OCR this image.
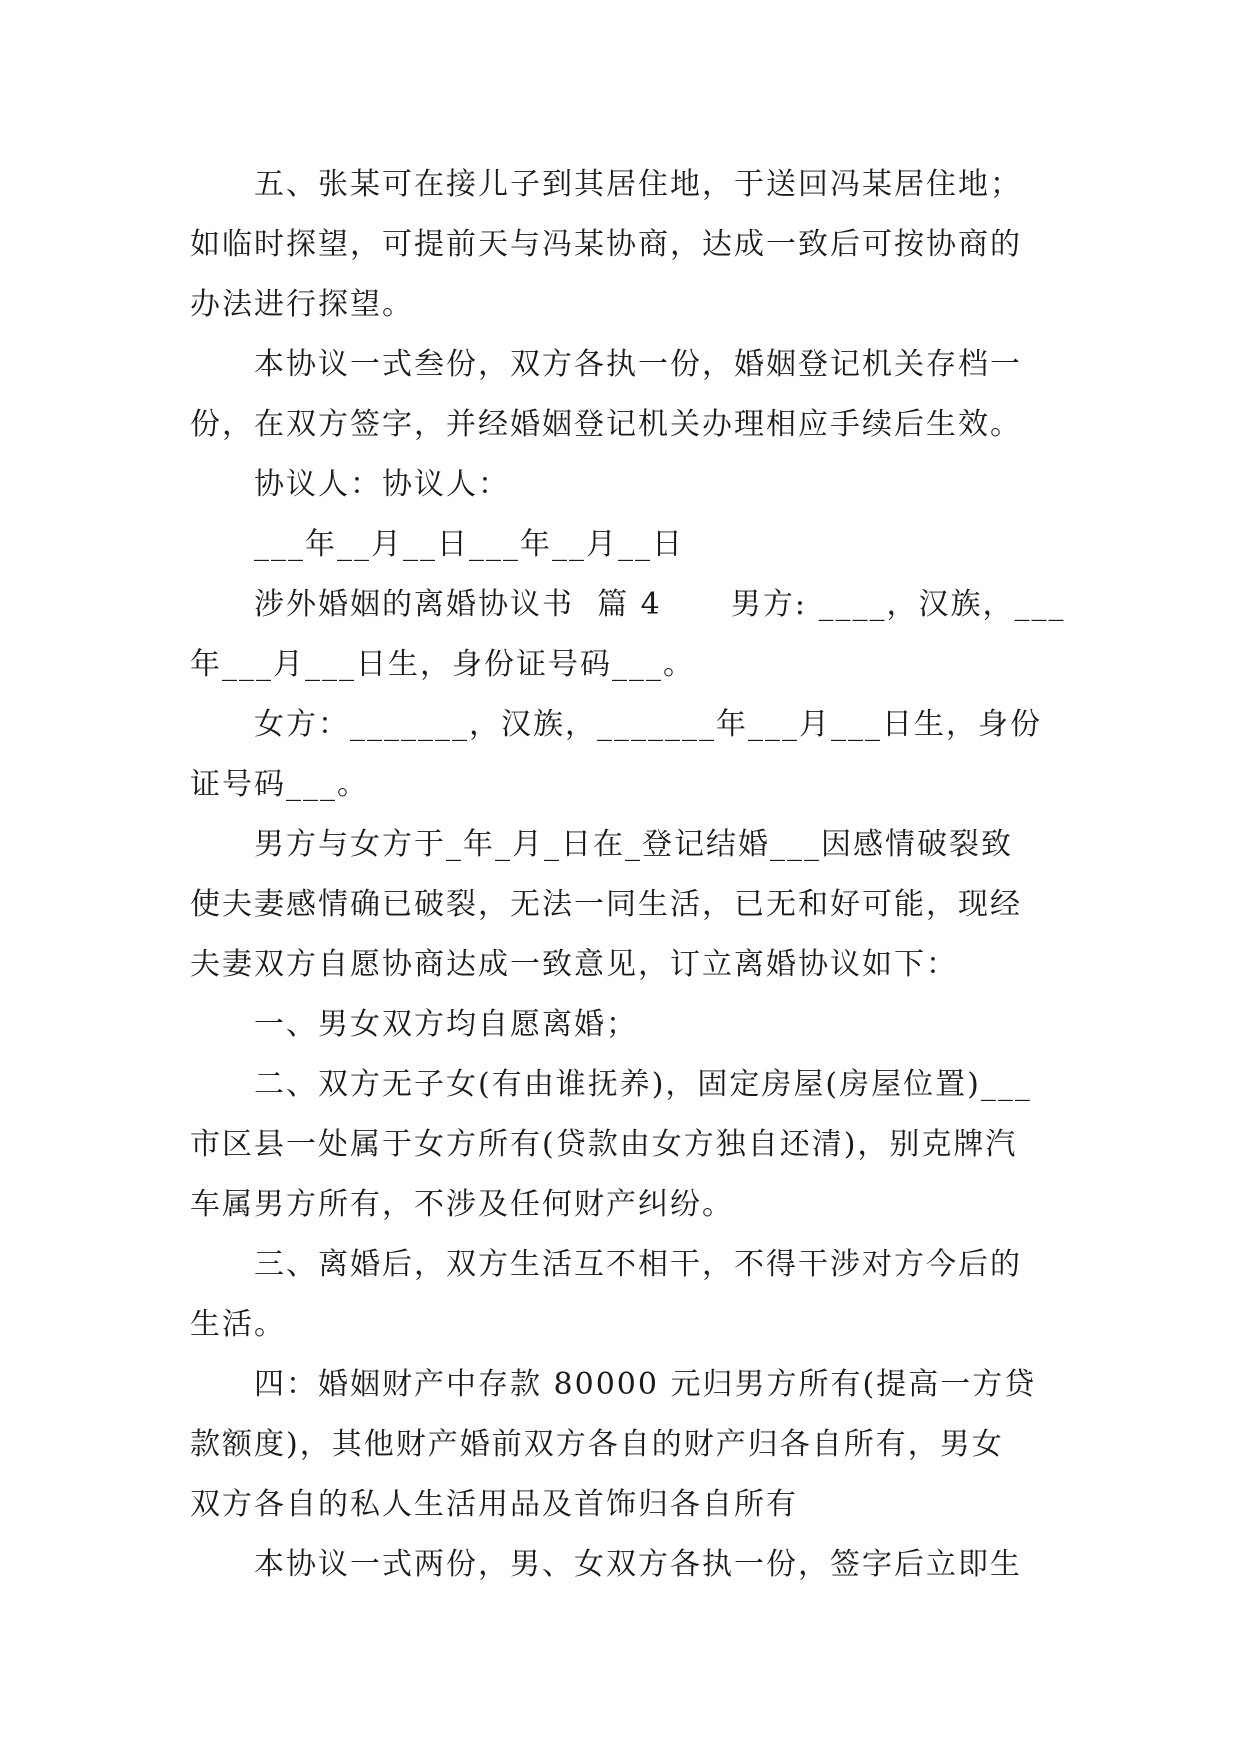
五、张某可在接儿子到其居住地，于送回冯某居住地；
如临时探望，可提前天与冯某协商，达成一致后可按协商的
办法进行探望。
本协议一式叁份，双方各执一份，婚姻登记机关存档一
份，在双方签字，并经婚姻登记机关办理相应手续后生效。
协议人：协议人：
___年__月__日___年__月__日
涉外婚姻的离婚协议书  篇 4      男方: ____，汉族，___
年___月___日生，身份证号码___。
女方：_______，汉族，_______年___月___日生，身份
证号码___。
男方与女方于_年_月_日在_登记结婚___因感情破裂致
使夫妻感情确已破裂，无法一同生活，已无和好可能，现经
夫妻双方自愿协商达成一致意见，订立离婚协议如下：
一、男女双方均自愿离婚；
二、双方无子女(有由谁抚养)，固定房屋(房屋位置)___
市区县一处属于女方所有(贷款由女方独自还清)，别克牌汽
车属男方所有，不涉及任何财产纠纷。
三、离婚后，双方生活互不相干，不得干涉对方今后的
生活。
四：婚姻财产中存款 80000 元归男方所有(提高一方贷
款额度)，其他财产婚前双方各自的财产归各自所有，男女
双方各自的私人生活用品及首饰归各自所有
本协议一式两份，男、女双方各执一份，签字后立即生
